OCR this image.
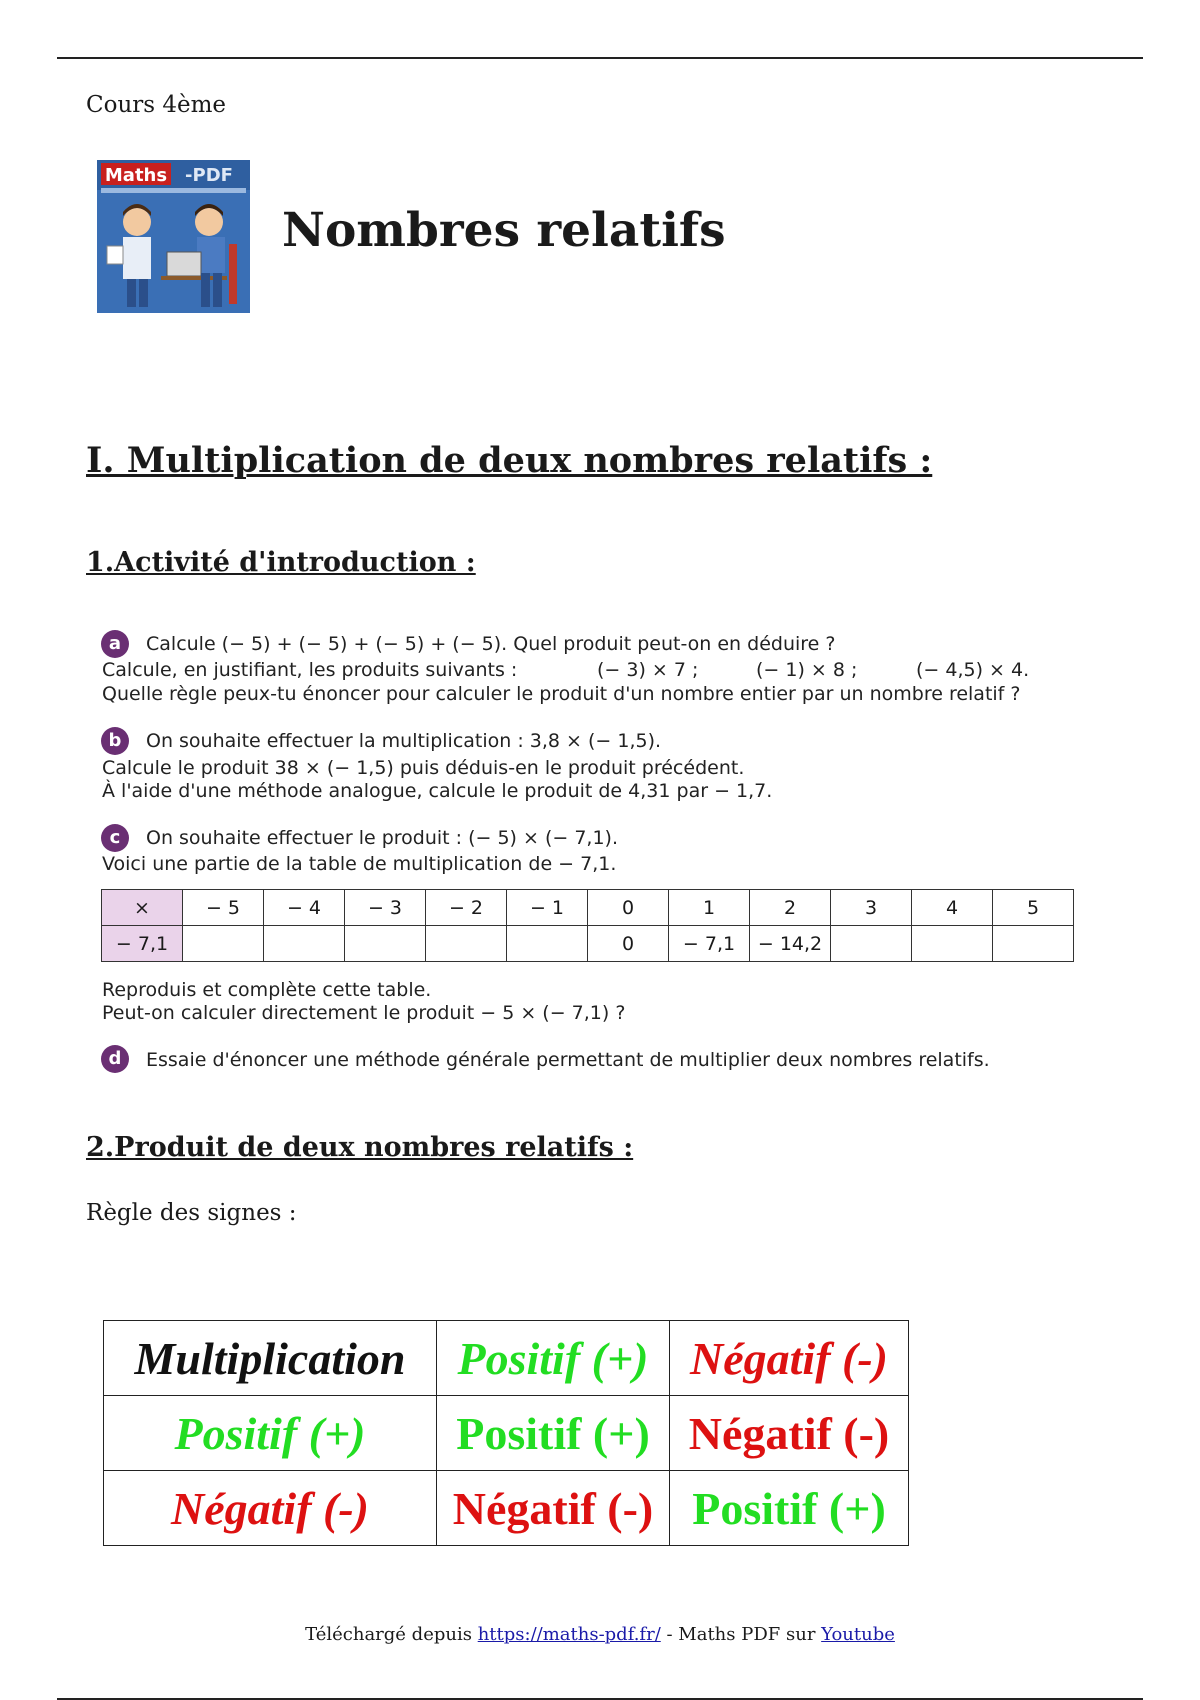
Cours 4ème
Maths -PDF
Nombres relatifs
I. Multiplication de deux nombres relatifs :
1.Activité d'introduction :
a	Calcule (− 5) + (− 5) + (− 5) + (− 5). Quel produit peut-on en déduire ?
Calcule, en justifiant, les produits suivants :	(− 3) × 7 ;	(− 1) × 8 ;	(− 4,5) × 4.
Quelle règle peux-tu énoncer pour calculer le produit d'un nombre entier par un nombre relatif ?
b	On souhaite effectuer la multiplication : 3,8 × (− 1,5).
Calcule le produit 38 × (− 1,5) puis déduis-en le produit précédent.
À l'aide d'une méthode analogue, calcule le produit de 4,31 par − 1,7.
c	On souhaite effectuer le produit : (− 5) × (− 7,1).
Voici une partie de la table de multiplication de − 7,1.
Reproduis et complète cette table.
Peut-on calculer directement le produit − 5 × (− 7,1) ?
d	Essaie d'énoncer une méthode générale permettant de multiplier deux nombres relatifs.
×	− 5	− 4	− 3	− 2	− 1	0	1	2	3	4	5
− 7,1						0	− 7,1	− 14,2			
2.Produit de deux nombres relatifs :
Règle des signes :
Multiplication	Positif (+)	Négatif (-)
Positif (+)	Positif (+)	Négatif (-)
Négatif (-)	Négatif (-)	Positif (+)
Téléchargé depuis https://maths-pdf.fr/ - Maths PDF sur Youtube
